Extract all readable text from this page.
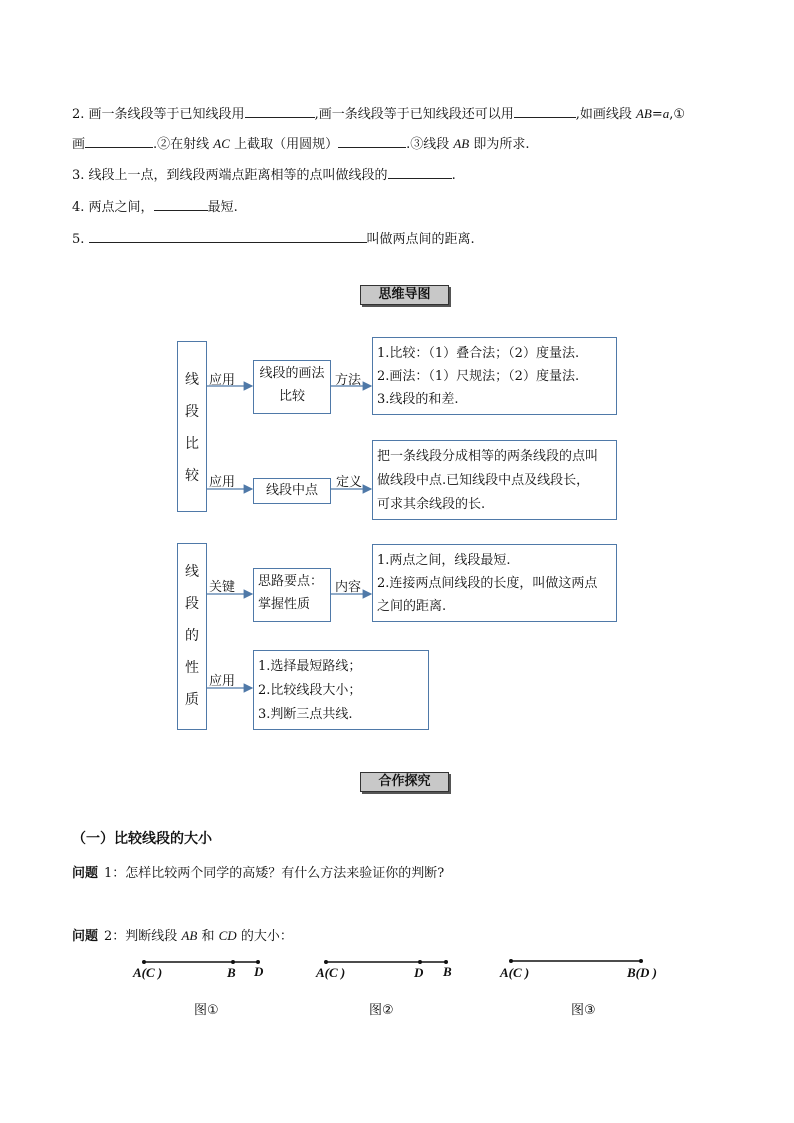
2. 画一条线段等于已知线段用	,画一条线段等于已知线段还可以用	,如画线段 AB=a,①
画	.②在射线 AC 上截取（用圆规）	.③线段 AB 即为所求.
3. 线段上一点，到线段两端点距离相等的点叫做线段的	.
4. 两点之间，	最短.
5.	叫做两点间的距离.
思维导图
线
段
比
较
应用	线段的画法
比较
方法
1.比较：（1）叠合法；（2）度量法.
2.画法：（1）尺规法；（2）度量法.
3.线段的和差.
应用
线段中点
定义
把一条线段分成相等的两条线段的点叫
做线段中点.已知线段中点及线段长，
可求其余线段的长.
线
段
的
性
质
关键 思路要点：
掌握性质
内容
1.两点之间，线段最短.
2.连接两点间线段的长度，叫做这两点
之间的距离.
应用
1.选择最短路线；
2.比较线段大小；
3.判断三点共线.
合作探究
（一）比较线段的大小
问题 1：怎样比较两个同学的高矮？有什么方法来验证你的判断?
问题 2：判断线段 AB 和 CD 的大小：
A(C )	B D
图①
A(C )	D B
图②
A(C )	B(D )
图③
